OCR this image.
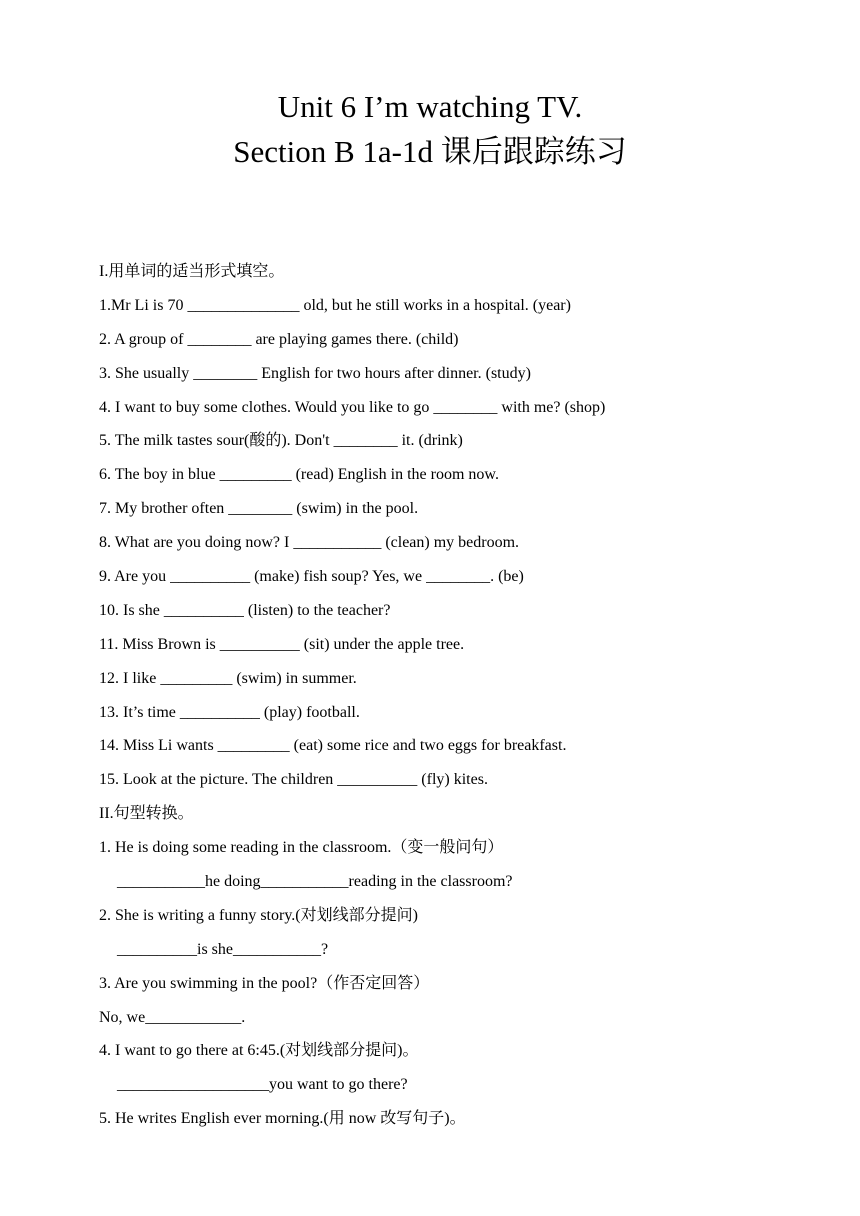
Unit 6 I’m watching TV.
Section B 1a-1d 课后跟踪练习
I.用单词的适当形式填空。
1.Mr Li is 70 ______________ old, but he still works in a hospital. (year)
2. A group of ________ are playing games there. (child)
3. She usually ________ English for two hours after dinner. (study)
4. I want to buy some clothes. Would you like to go ________ with me? (shop)
5. The milk tastes sour(酸的). Don't ________ it. (drink)
6. The boy in blue _________ (read) English in the room now.
7. My brother often ________ (swim) in the pool.
8. What are you doing now? I ___________ (clean) my bedroom.
9. Are you __________ (make) fish soup? Yes, we ________. (be)
10. Is she __________ (listen) to the teacher?
11. Miss Brown is __________ (sit) under the apple tree.
12. I like _________ (swim) in summer.
13. It’s time __________ (play) football.
14. Miss Li wants _________ (eat) some rice and two eggs for breakfast.
15. Look at the picture. The children __________ (fly) kites.
II.句型转换。
1. He is doing some reading in the classroom.（变一般问句）
___________he doing___________reading in the classroom?
2. She is writing a funny story.(对划线部分提问)
__________is she___________?
3. Are you swimming in the pool?（作否定回答）
No, we____________.
4. I want to go there at 6:45.(对划线部分提问)。
___________________you want to go there?
5. He writes English ever morning.(用 now 改写句子)。
